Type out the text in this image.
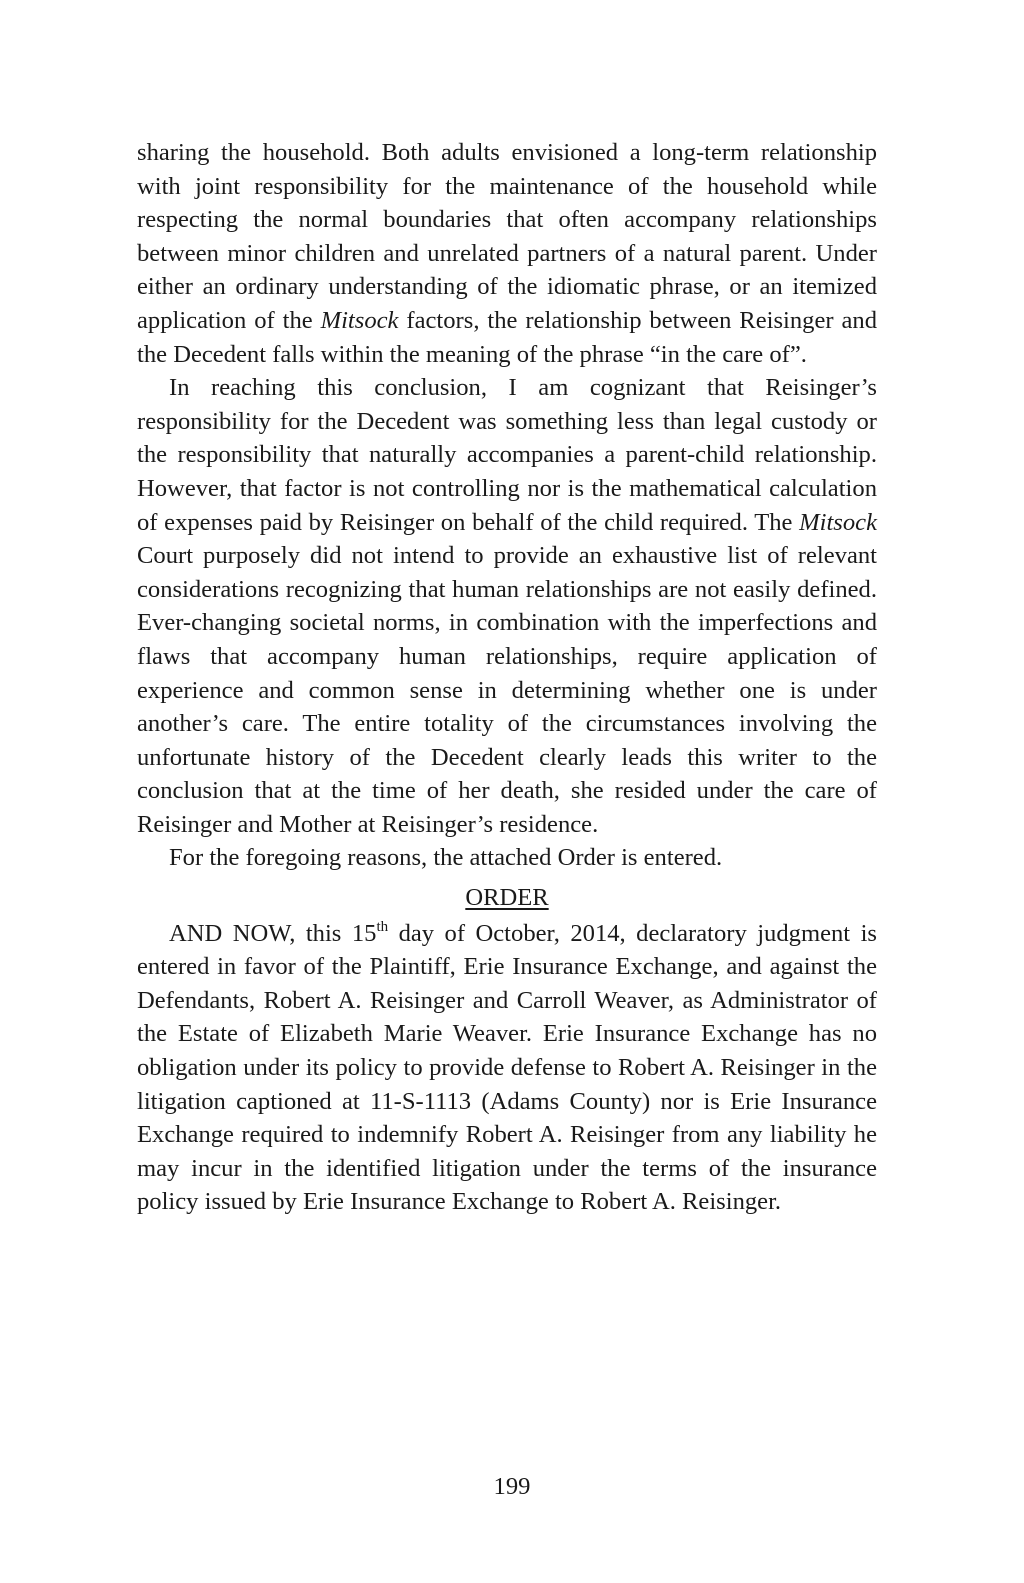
sharing the household. Both adults envisioned a long-term relationship with joint responsibility for the maintenance of the household while respecting the normal boundaries that often accompany relationships between minor children and unrelated partners of a natural parent. Under either an ordinary understanding of the idiomatic phrase, or an itemized application of the Mitsock factors, the relationship between Reisinger and the Decedent falls within the meaning of the phrase “in the care of”.

In reaching this conclusion, I am cognizant that Reisinger’s responsibility for the Decedent was something less than legal custody or the responsibility that naturally accompanies a parent-child relationship. However, that factor is not controlling nor is the mathematical calculation of expenses paid by Reisinger on behalf of the child required. The Mitsock Court purposely did not intend to provide an exhaustive list of relevant considerations recognizing that human relationships are not easily defined. Ever-changing societal norms, in combination with the imperfections and flaws that accompany human relationships, require application of experience and common sense in determining whether one is under another’s care. The entire totality of the circumstances involving the unfortunate history of the Decedent clearly leads this writer to the conclusion that at the time of her death, she resided under the care of Reisinger and Mother at Reisinger’s residence.

For the foregoing reasons, the attached Order is entered.

ORDER

AND NOW, this 15th day of October, 2014, declaratory judgment is entered in favor of the Plaintiff, Erie Insurance Exchange, and against the Defendants, Robert A. Reisinger and Carroll Weaver, as Administrator of the Estate of Elizabeth Marie Weaver. Erie Insurance Exchange has no obligation under its policy to provide defense to Robert A. Reisinger in the litigation captioned at 11-S-1113 (Adams County) nor is Erie Insurance Exchange required to indemnify Robert A. Reisinger from any liability he may incur in the identified litigation under the terms of the insurance policy issued by Erie Insurance Exchange to Robert A. Reisinger.

199
